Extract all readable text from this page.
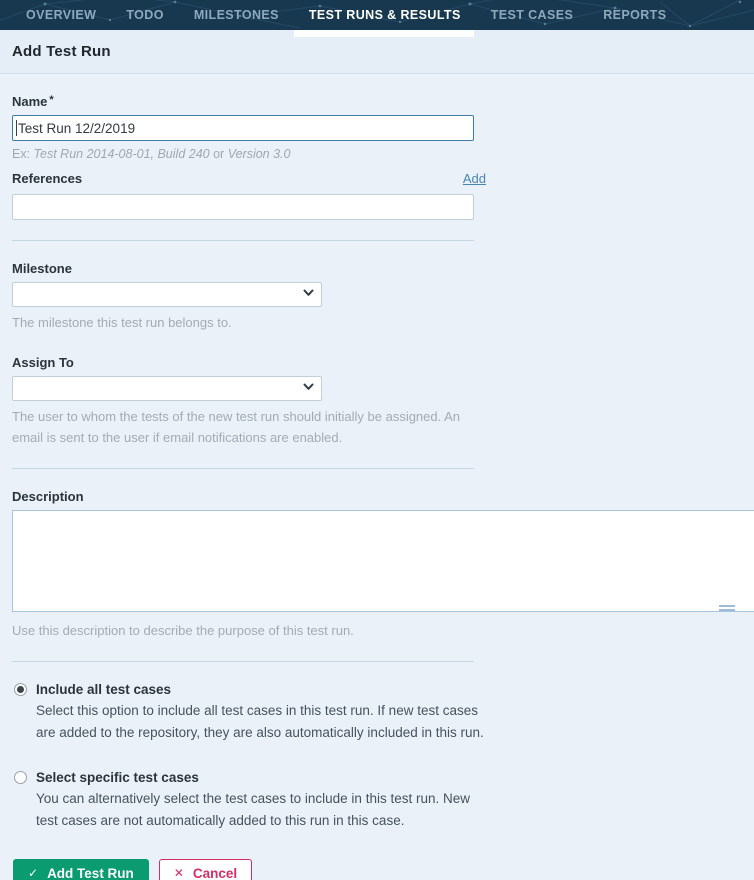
OVERVIEW TODO MILESTONES TEST RUNS & RESULTS TEST CASES REPORTS
Add Test Run
Name *
Test Run 12/2/2019
Ex: Test Run 2014-08-01, Build 240 or Version 3.0
References	Add
Milestone
The milestone this test run belongs to.
Assign To
The user to whom the tests of the new test run should initially be assigned. An email is sent to the user if email notifications are enabled.
Description
Use this description to describe the purpose of this test run.
Include all test cases
Select this option to include all test cases in this test run. If new test cases are added to the repository, they are also automatically included in this run.
Select specific test cases
You can alternatively select the test cases to include in this test run. New test cases are not automatically added to this run in this case.
✓ Add Test Run	✕ Cancel
